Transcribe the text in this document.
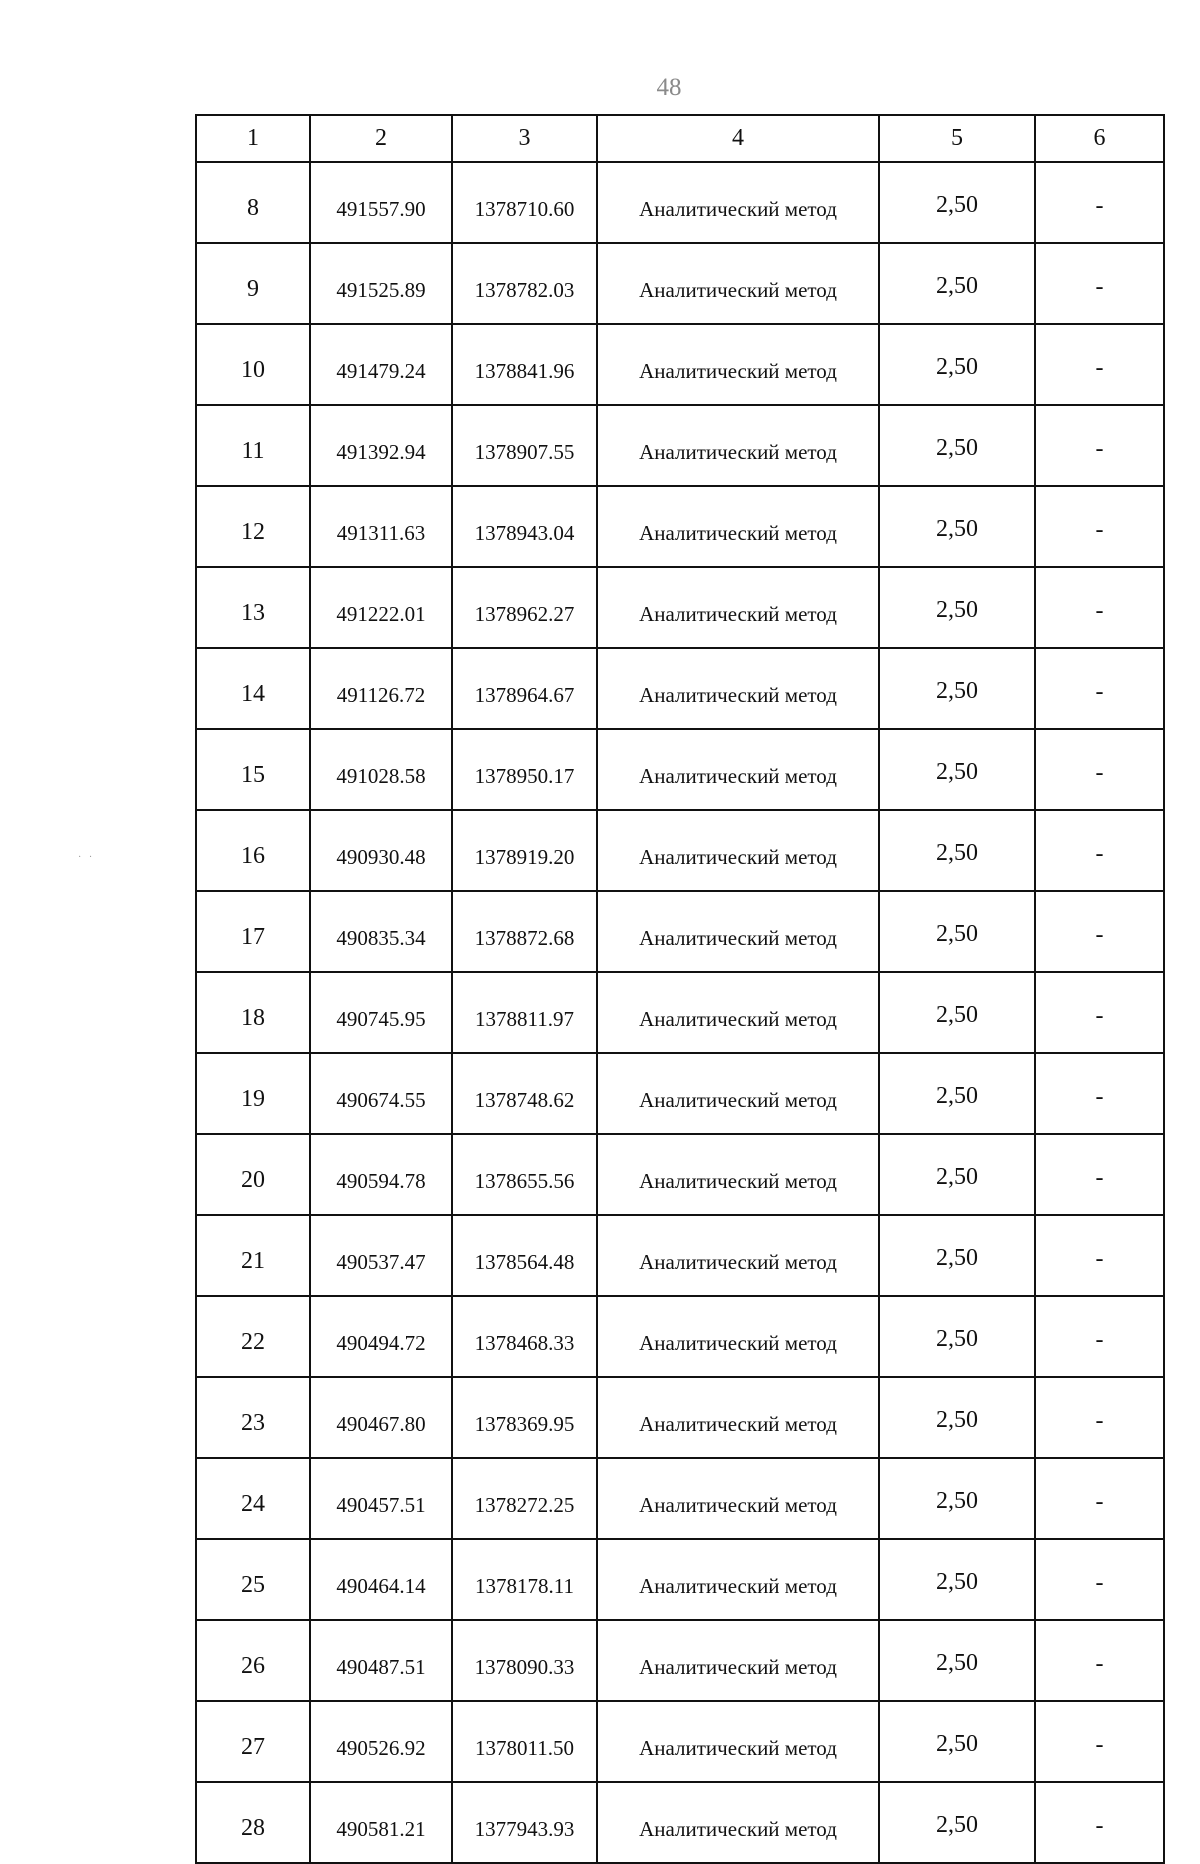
48
·   ·
1	2	3	4	5	6
8	491557.90	1378710.60	Аналитический метод	2,50	-
9	491525.89	1378782.03	Аналитический метод	2,50	-
10	491479.24	1378841.96	Аналитический метод	2,50	-
11	491392.94	1378907.55	Аналитический метод	2,50	-
12	491311.63	1378943.04	Аналитический метод	2,50	-
13	491222.01	1378962.27	Аналитический метод	2,50	-
14	491126.72	1378964.67	Аналитический метод	2,50	-
15	491028.58	1378950.17	Аналитический метод	2,50	-
16	490930.48	1378919.20	Аналитический метод	2,50	-
17	490835.34	1378872.68	Аналитический метод	2,50	-
18	490745.95	1378811.97	Аналитический метод	2,50	-
19	490674.55	1378748.62	Аналитический метод	2,50	-
20	490594.78	1378655.56	Аналитический метод	2,50	-
21	490537.47	1378564.48	Аналитический метод	2,50	-
22	490494.72	1378468.33	Аналитический метод	2,50	-
23	490467.80	1378369.95	Аналитический метод	2,50	-
24	490457.51	1378272.25	Аналитический метод	2,50	-
25	490464.14	1378178.11	Аналитический метод	2,50	-
26	490487.51	1378090.33	Аналитический метод	2,50	-
27	490526.92	1378011.50	Аналитический метод	2,50	-
28	490581.21	1377943.93	Аналитический метод	2,50	-
